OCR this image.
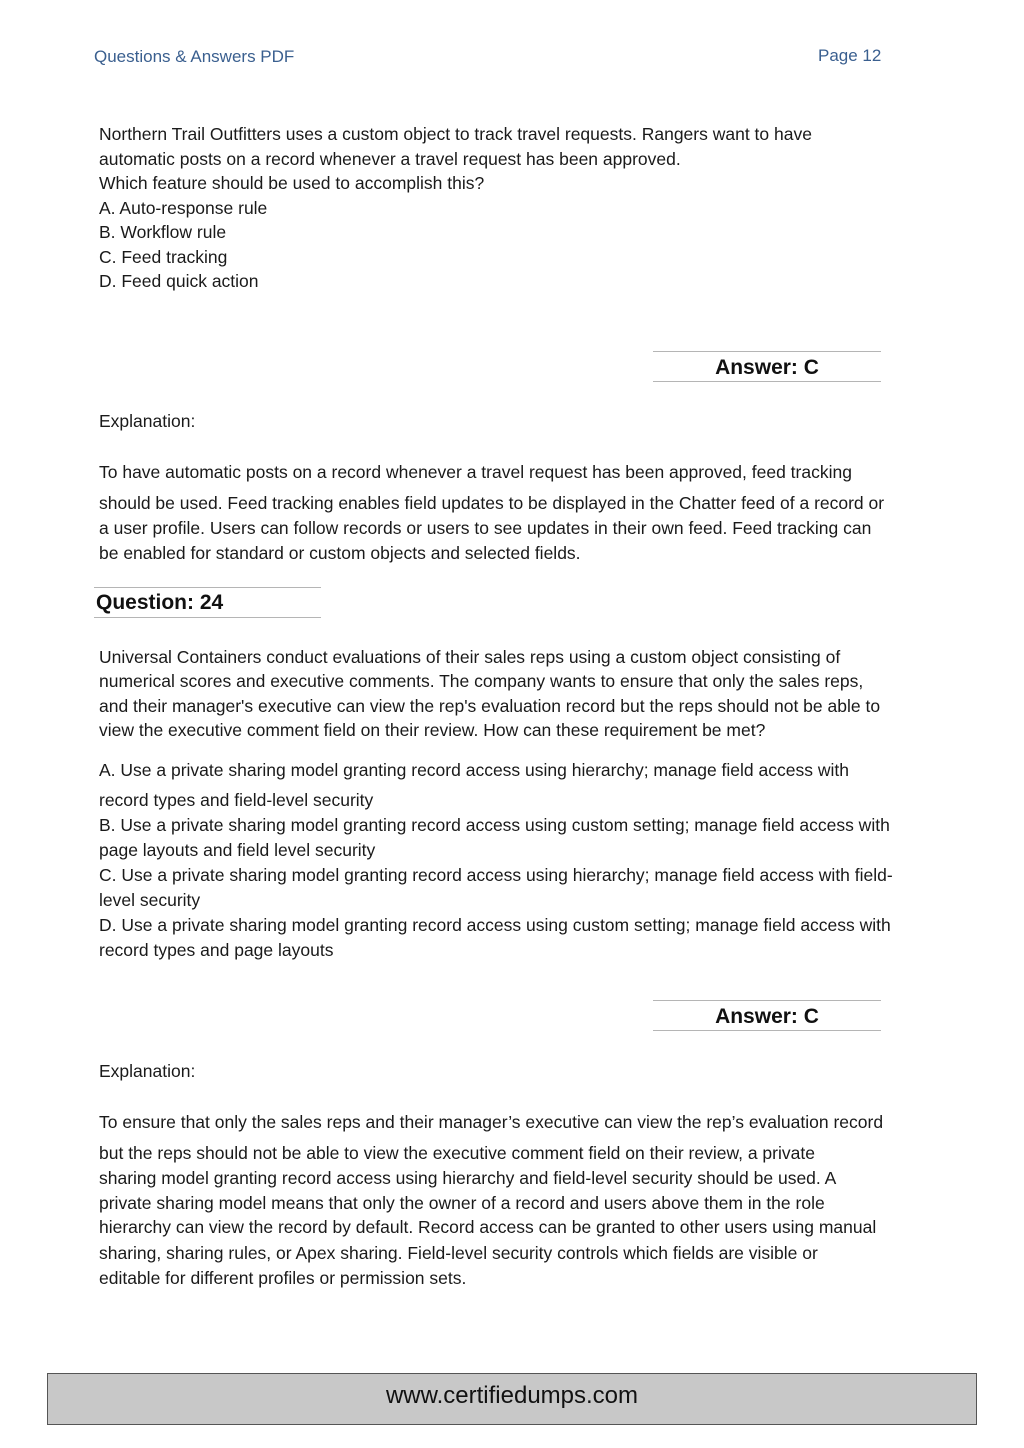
Questions & Answers PDF	Page 12
Northern Trail Outfitters uses a custom object to track travel requests. Rangers want to have
automatic posts on a record whenever a travel request has been approved.
Which feature should be used to accomplish this?
A. Auto-response rule
B. Workflow rule
C. Feed tracking
D. Feed quick action
Answer: C
Explanation:
To have automatic posts on a record whenever a travel request has been approved, feed tracking
should be used. Feed tracking enables field updates to be displayed in the Chatter feed of a record or
a user profile. Users can follow records or users to see updates in their own feed. Feed tracking can
be enabled for standard or custom objects and selected fields.
Question: 24
Universal Containers conduct evaluations of their sales reps using a custom object consisting of
numerical scores and executive comments. The company wants to ensure that only the sales reps,
and their manager's executive can view the rep's evaluation record but the reps should not be able to
view the executive comment field on their review. How can these requirement be met?
A. Use a private sharing model granting record access using hierarchy; manage field access with
record types and field-level security
B. Use a private sharing model granting record access using custom setting; manage field access with
page layouts and field level security
C. Use a private sharing model granting record access using hierarchy; manage field access with field-
level security
D. Use a private sharing model granting record access using custom setting; manage field access with
record types and page layouts
Answer: C
Explanation:
To ensure that only the sales reps and their manager’s executive can view the rep’s evaluation record
but the reps should not be able to view the executive comment field on their review, a private
sharing model granting record access using hierarchy and field-level security should be used. A
private sharing model means that only the owner of a record and users above them in the role
hierarchy can view the record by default. Record access can be granted to other users using manual
sharing, sharing rules, or Apex sharing. Field-level security controls which fields are visible or
editable for different profiles or permission sets.
www.certifiedumps.com
